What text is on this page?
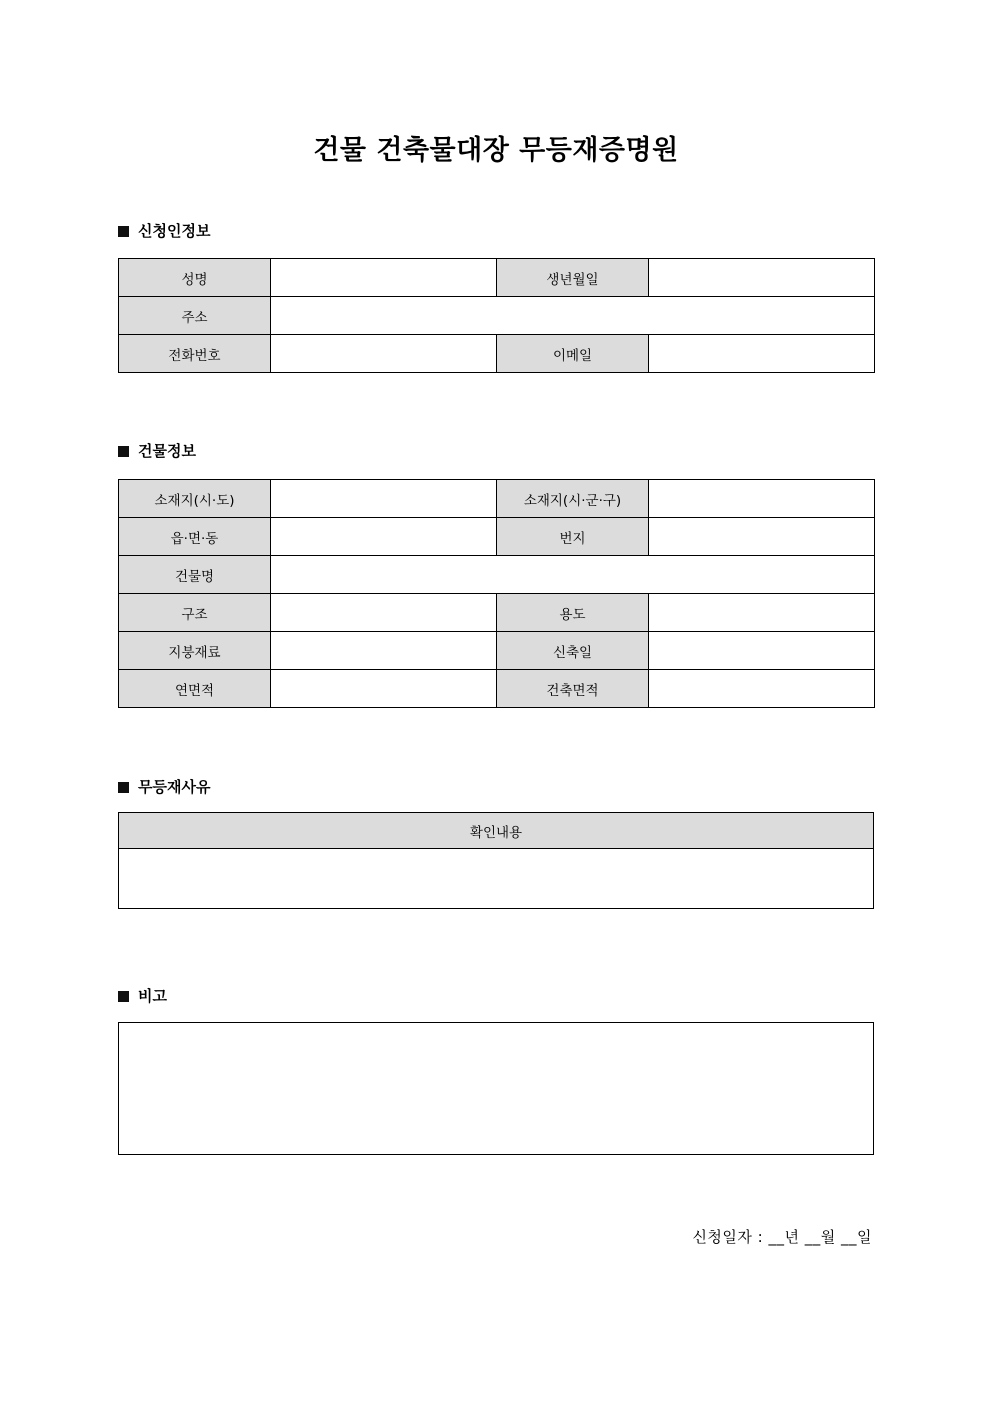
건물 건축물대장 무등재증명원
신청인정보
성명		생년월일	
주소			
전화번호		이메일	
건물정보
소재지(시·도)		소재지(시·군·구)	
읍·면·동		번지	
건물명			
구조		용도	
지붕재료		신축일	
연면적		건축면적	
무등재사유
확인내용

비고
신청일자 : __년 __월 __일
